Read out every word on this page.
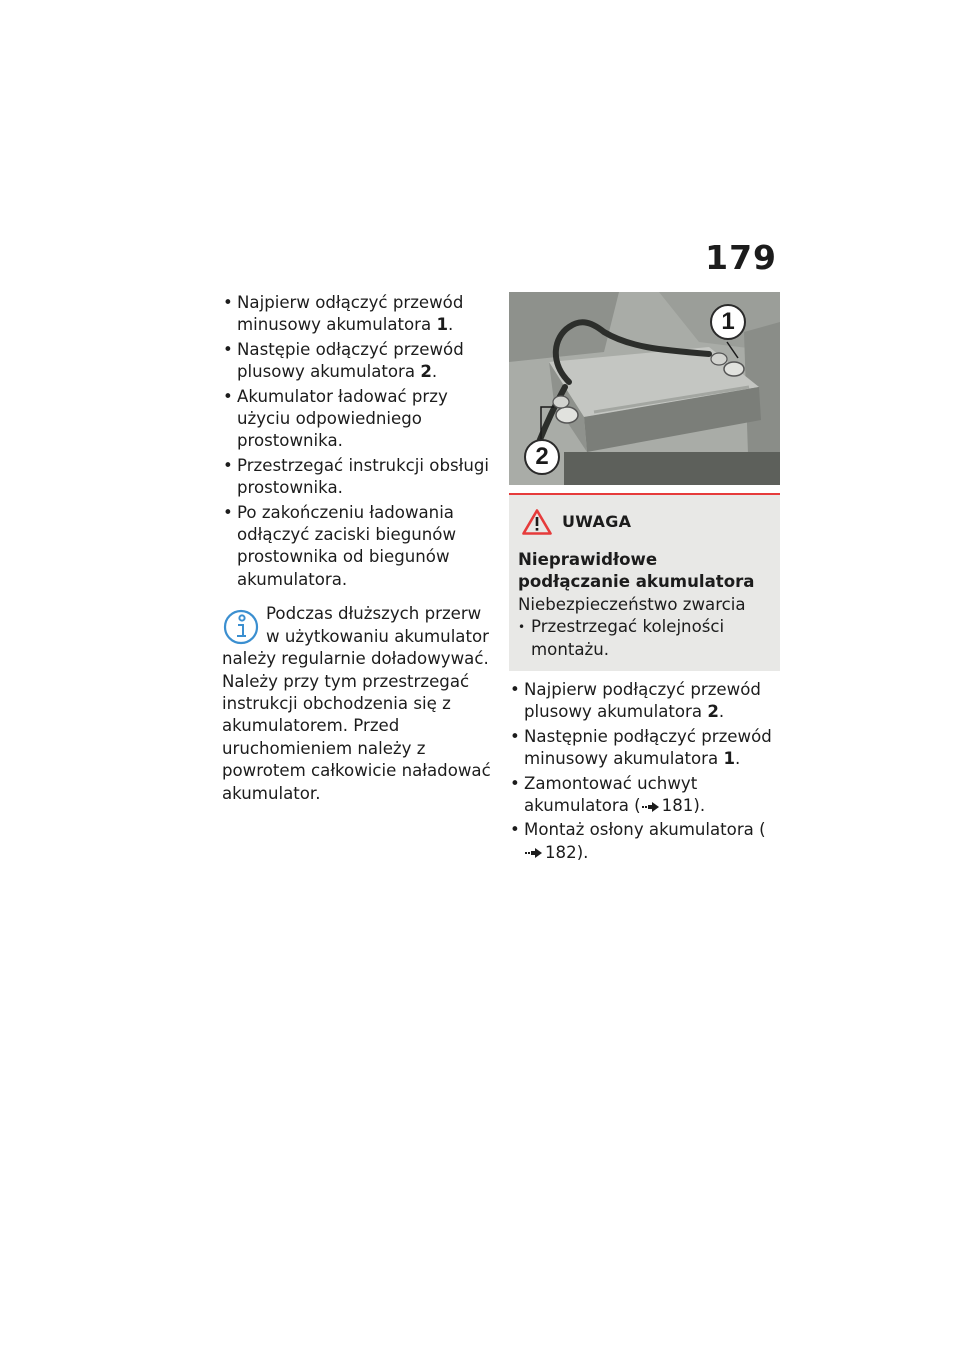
179
• Najpierw odłączyć przewód minusowy akumulatora 1.
• Następie odłączyć przewód plusowy akumulatora 2.
• Akumulator ładować przy użyciu odpowiedniego prostownika.
• Przestrzegać instrukcji obsługi prostownika.
• Po zakończeniu ładowania odłączyć zaciski biegunów prostownika od biegunów akumulatora.
Podczas dłuższych przerw w użytkowaniu akumulator należy regularnie doładowywać. Należy przy tym przestrzegać instrukcji obchodzenia się z akumulatorem. Przed uruchomieniem należy z powrotem całkowicie naładować akumulator.
1
2
UWAGA
Nieprawidłowe podłączanie akumulatora
Niebezpieczeństwo zwarcia
• Przestrzegać kolejności montażu.
• Najpierw podłączyć przewód plusowy akumulatora 2.
• Następnie podłączyć przewód minusowy akumulatora 1.
• Zamontować uchwyt akumulatora ( 181).
• Montaż osłony akumulatora (182).
